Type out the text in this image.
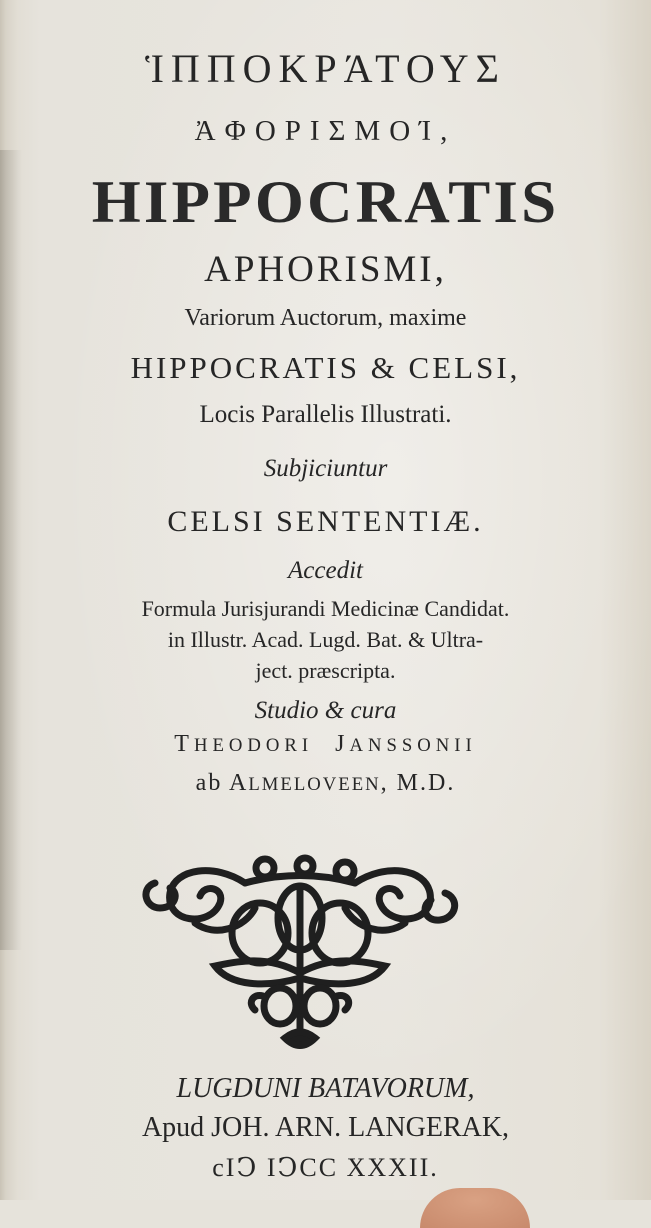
ἹΠΠΟΚΡΆΤΟΥΣ
ἈΦΟΡΙΣΜΟΊ,
HIPPOCRATIS
APHORISMI,
Variorum Auctorum, maxime
HIPPOCRATIS & CELSI,
Locis Parallelis Illustrati.
Subjiciuntur
CELSI SENTENTIÆ.
Accedit
Formula Jurisjurandi Medicinæ Candidat.
in Illustr. Acad. Lugd. Bat. & Ultra-
ject. præscripta.
Studio & cura
THEODORI JANSSONII
ab ALMELOVEEN, M.D.
LUGDUNI BATAVORUM,
Apud JOH. ARN. LANGERAK,
cIↃ IↃCC XXXII.
